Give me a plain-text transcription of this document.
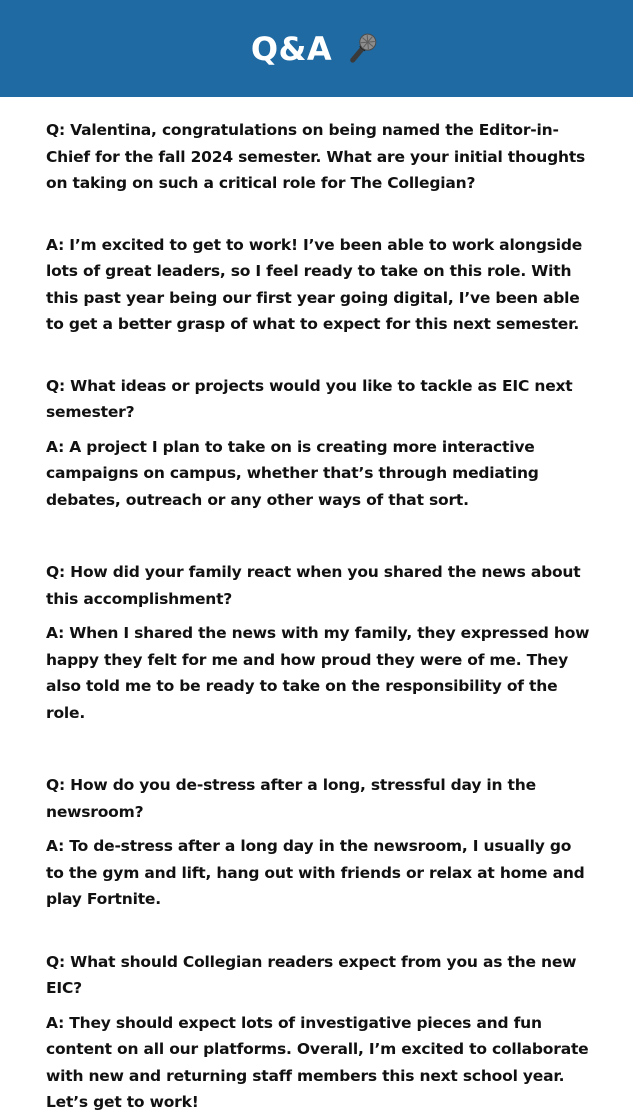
Q&A

Q: Valentina, congratulations on being named the Editor-in-Chief for the fall 2024 semester. What are your initial thoughts on taking on such a critical role for The Collegian?

A: I’m excited to get to work! I’ve been able to work alongside lots of great leaders, so I feel ready to take on this role. With this past year being our first year going digital, I’ve been able to get a better grasp of what to expect for this next semester.

Q: What ideas or projects would you like to tackle as EIC next semester?

A: A project I plan to take on is creating more interactive campaigns on campus, whether that’s through mediating debates, outreach or any other ways of that sort.

Q: How did your family react when you shared the news about this accomplishment?

A: When I shared the news with my family, they expressed how happy they felt for me and how proud they were of me. They also told me to be ready to take on the responsibility of the role.

Q: How do you de-stress after a long, stressful day in the newsroom?

A: To de-stress after a long day in the newsroom, I usually go to the gym and lift, hang out with friends or relax at home and play Fortnite.

Q: What should Collegian readers expect from you as the new EIC?

A: They should expect lots of investigative pieces and fun content on all our platforms. Overall, I’m excited to collaborate with new and returning staff members this next school year. Let’s get to work!
